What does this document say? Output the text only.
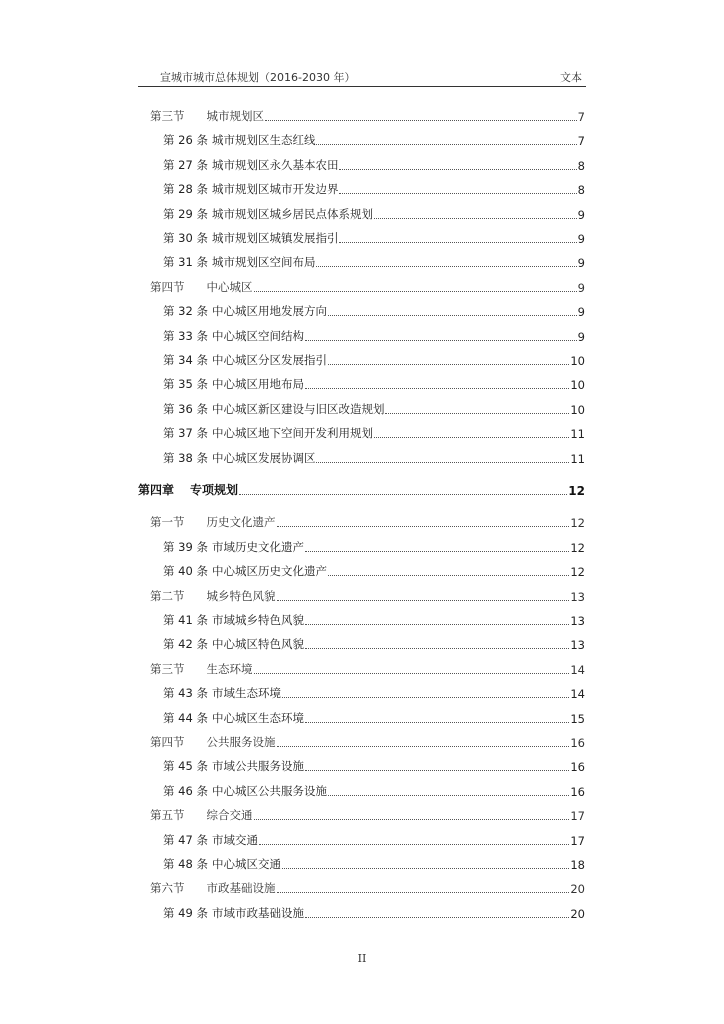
宣城市城市总体规划（2016-2030 年）	文本
第三节 城市规划区	7
第 26 条 城市规划区生态红线	7
第 27 条 城市规划区永久基本农田	8
第 28 条 城市规划区城市开发边界	8
第 29 条 城市规划区城乡居民点体系规划	9
第 30 条 城市规划区城镇发展指引	9
第 31 条 城市规划区空间布局	9
第四节 中心城区	9
第 32 条 中心城区用地发展方向	9
第 33 条 中心城区空间结构	9
第 34 条 中心城区分区发展指引	10
第 35 条 中心城区用地布局	10
第 36 条 中心城区新区建设与旧区改造规划	10
第 37 条 中心城区地下空间开发利用规划	11
第 38 条 中心城区发展协调区	11
第四章 专项规划	12
第一节 历史文化遗产	12
第 39 条 市域历史文化遗产	12
第 40 条 中心城区历史文化遗产	12
第二节 城乡特色风貌	13
第 41 条 市域城乡特色风貌	13
第 42 条 中心城区特色风貌	13
第三节 生态环境	14
第 43 条 市域生态环境	14
第 44 条 中心城区生态环境	15
第四节 公共服务设施	16
第 45 条 市域公共服务设施	16
第 46 条 中心城区公共服务设施	16
第五节 综合交通	17
第 47 条 市域交通	17
第 48 条 中心城区交通	18
第六节 市政基础设施	20
第 49 条 市域市政基础设施	20
II
